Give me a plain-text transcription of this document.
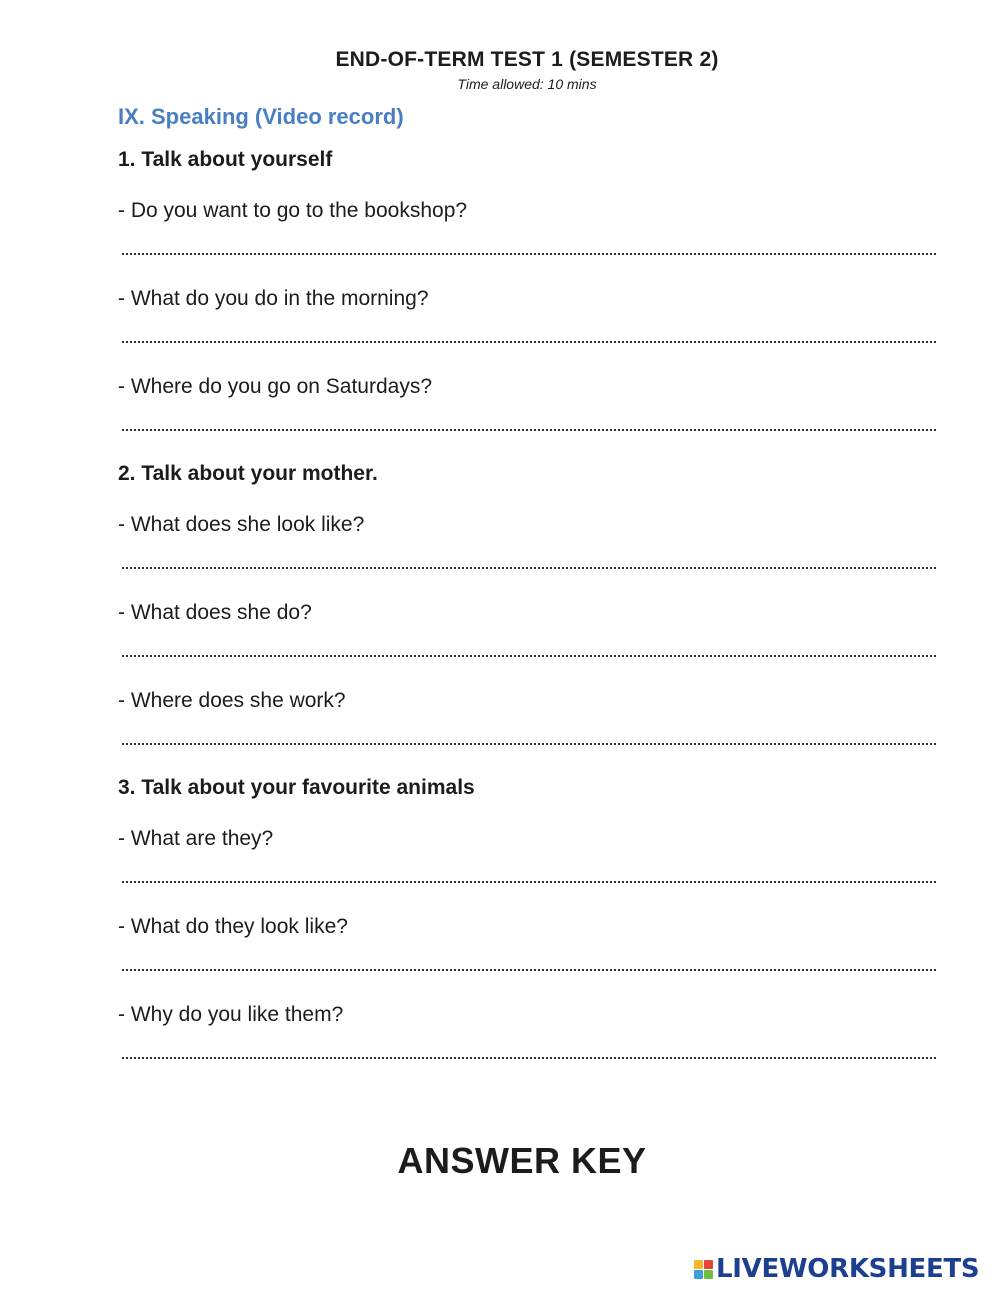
END-OF-TERM TEST 1 (SEMESTER 2)
Time allowed: 10 mins
IX. Speaking (Video record)
1. Talk about yourself
- Do you want to go to the bookshop?
- What do you do in the morning?
- Where do you go on Saturdays?
2. Talk about your mother.
- What does she look like?
- What does she do?
- Where does she work?
3. Talk about your favourite animals
- What are they?
- What do they look like?
- Why do you like them?
ANSWER KEY
LIVEWORKSHEETS
